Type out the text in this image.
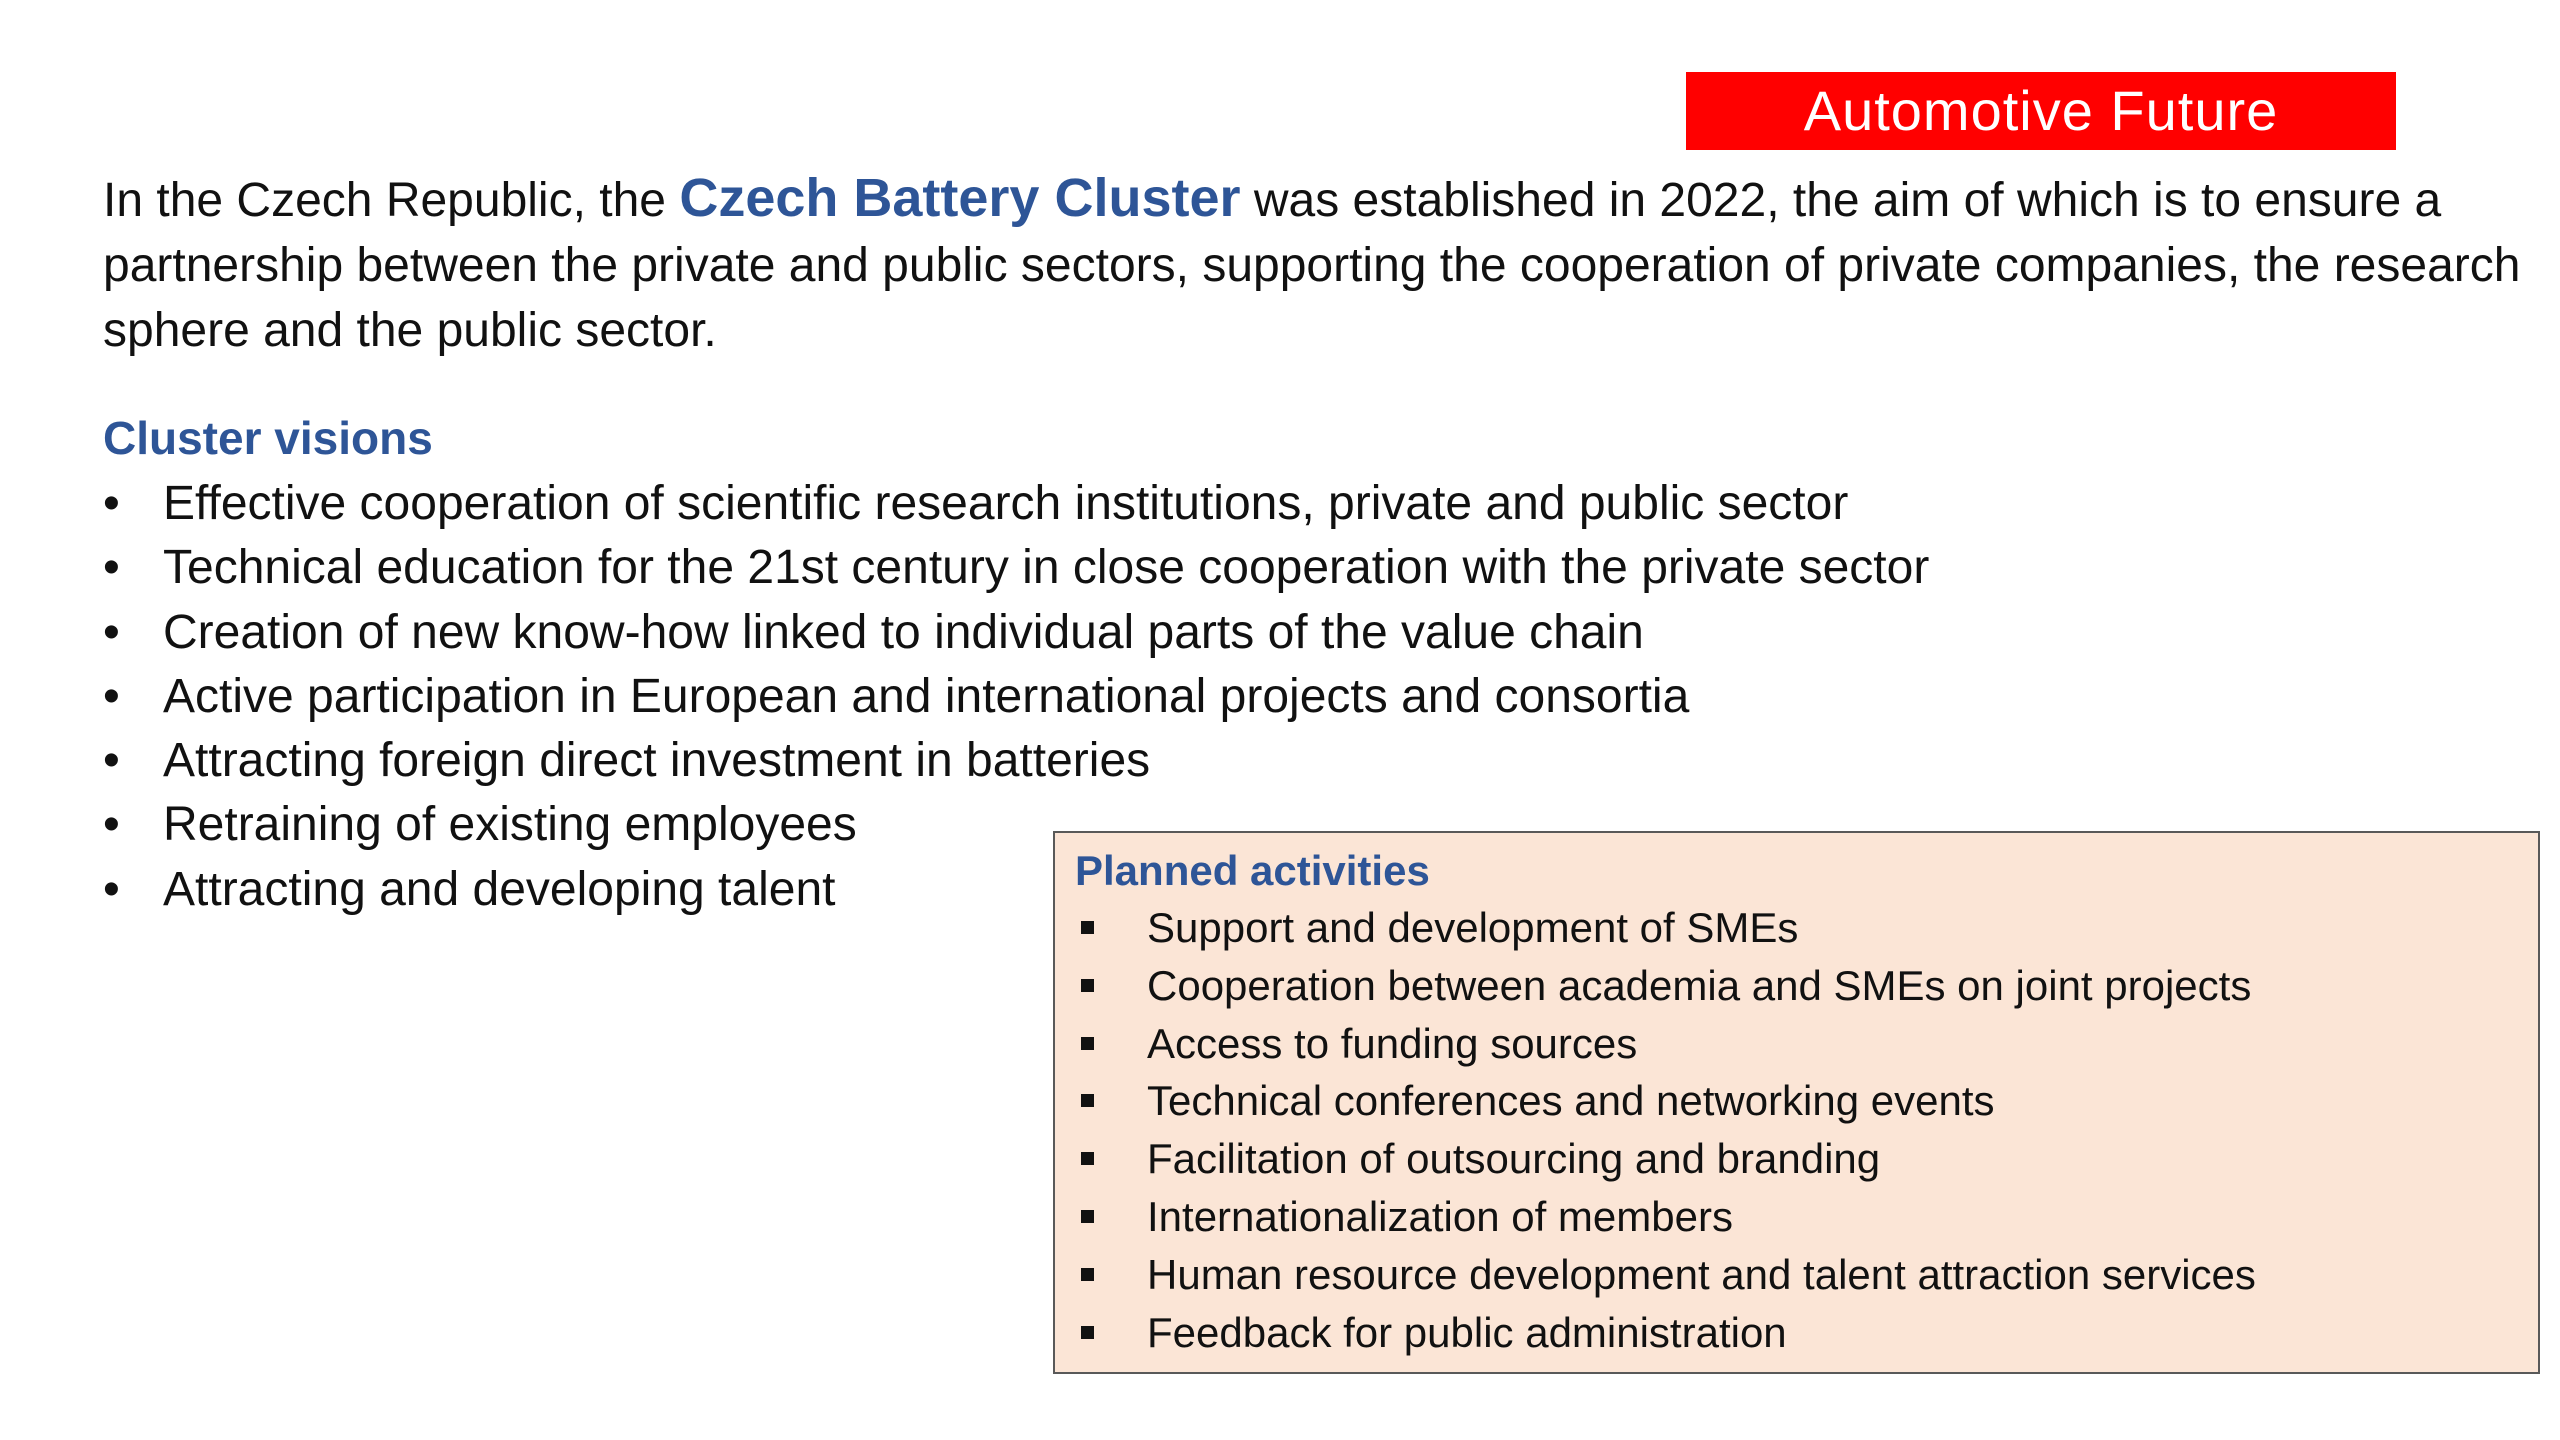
Automotive Future

In the Czech Republic, the Czech Battery Cluster was established in 2022, the aim of which is to ensure a partnership between the private and public sectors, supporting the cooperation of private companies, the research sphere and the public sector.

Cluster visions
• Effective cooperation of scientific research institutions, private and public sector
• Technical education for the 21st century in close cooperation with the private sector
• Creation of new know-how linked to individual parts of the value chain
• Active participation in European and international projects and consortia
• Attracting foreign direct investment in batteries
• Retraining of existing employees
• Attracting and developing talent	Planned activities
Support and development of SMEs
Cooperation between academia and SMEs on joint projects
Access to funding sources
Technical conferences and networking events
Facilitation of outsourcing and branding
Internationalization of members
Human resource development and talent attraction services
Feedback for public administration
